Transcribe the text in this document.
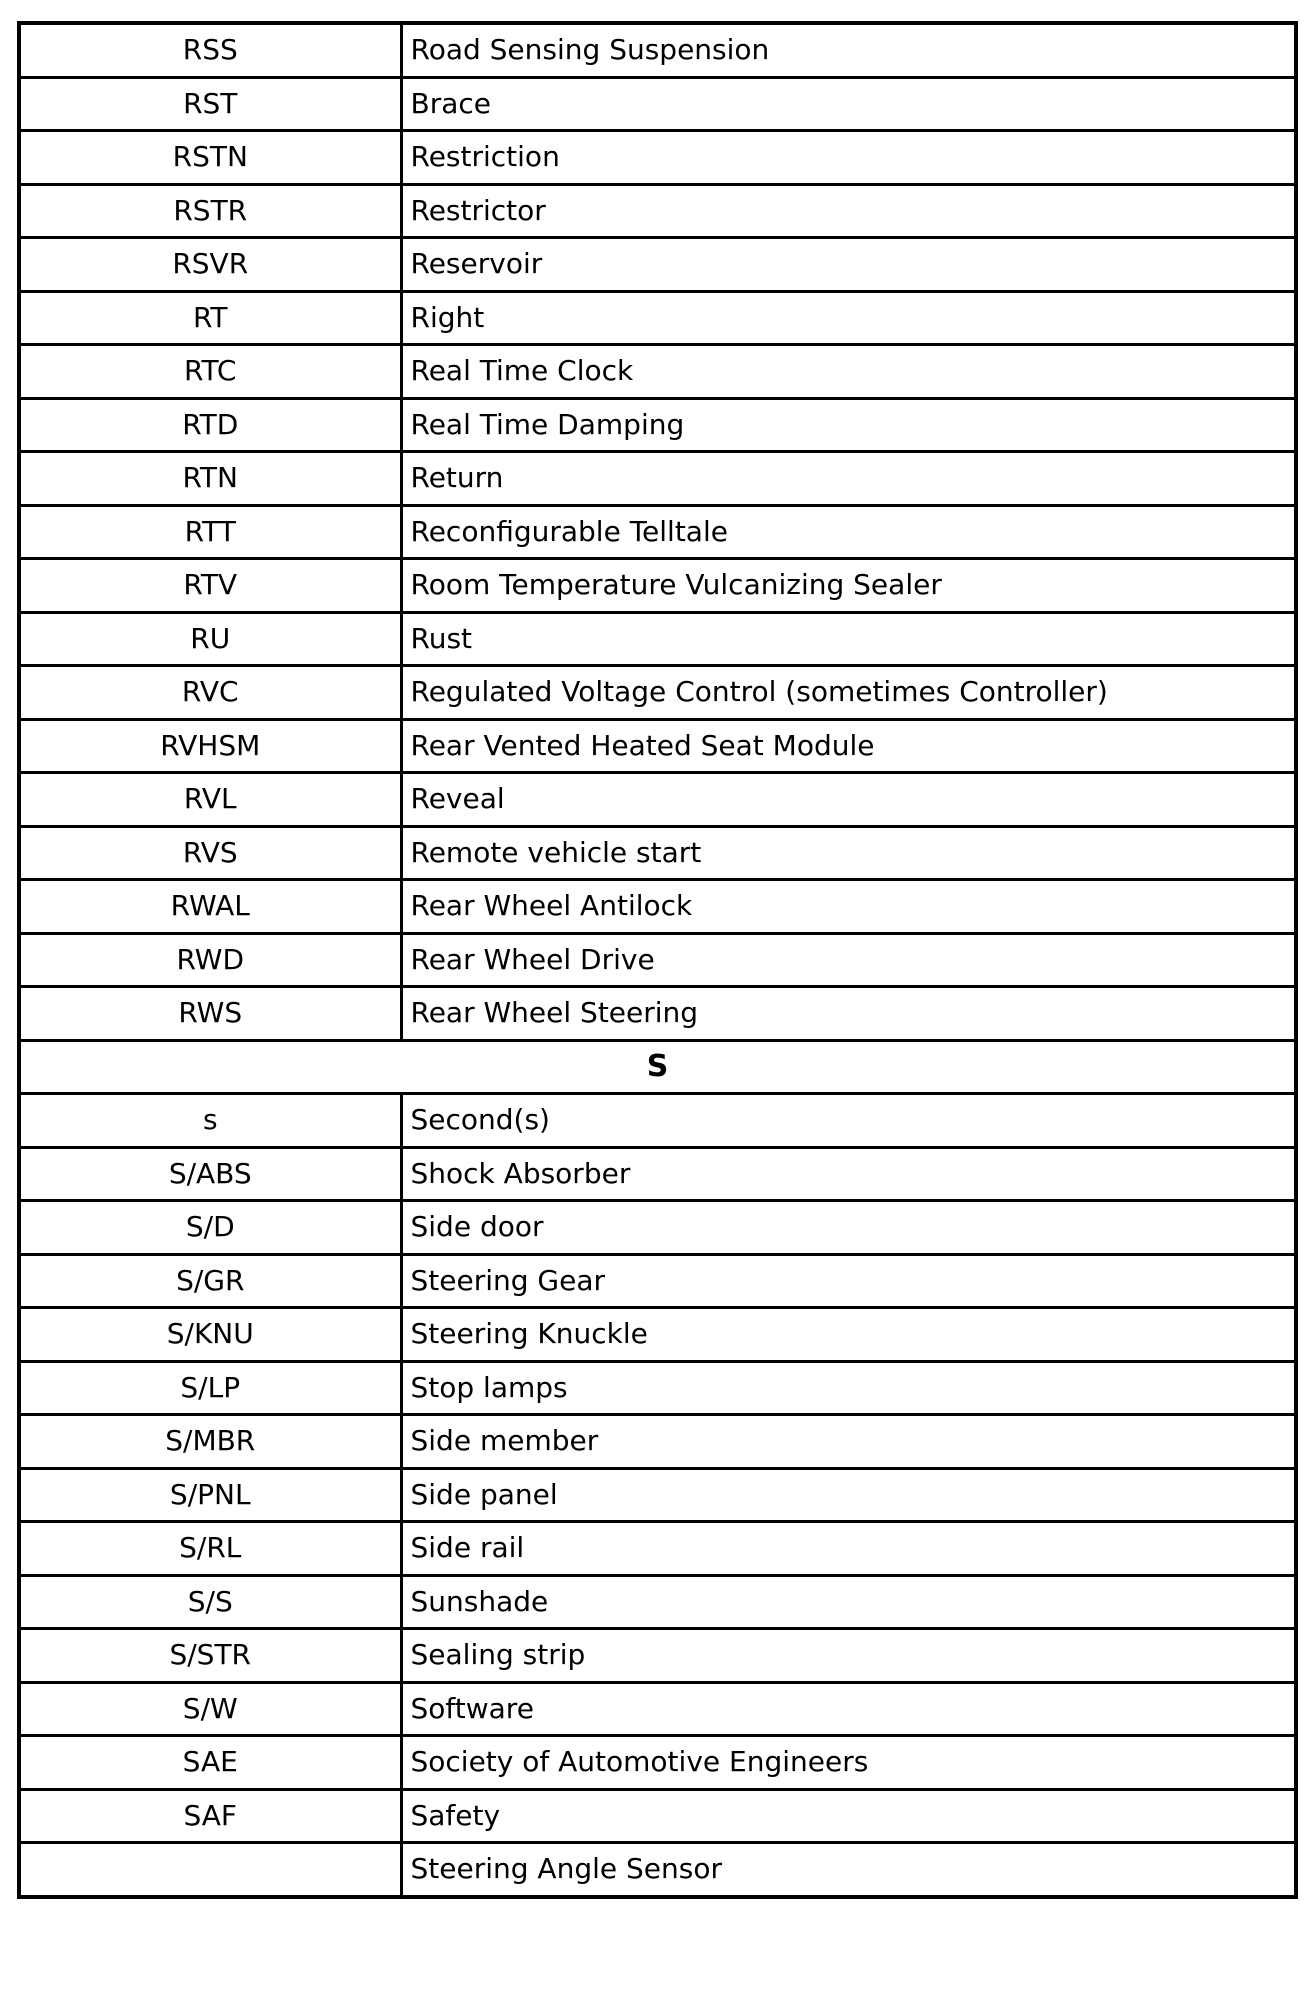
RSS	Road Sensing Suspension
RST	Brace
RSTN	Restriction
RSTR	Restrictor
RSVR	Reservoir
RT	Right
RTC	Real Time Clock
RTD	Real Time Damping
RTN	Return
RTT	Reconfigurable Telltale
RTV	Room Temperature Vulcanizing Sealer
RU	Rust
RVC	Regulated Voltage Control (sometimes Controller)
RVHSM	Rear Vented Heated Seat Module
RVL	Reveal
RVS	Remote vehicle start
RWAL	Rear Wheel Antilock
RWD	Rear Wheel Drive
RWS	Rear Wheel Steering
S	
s	Second(s)
S/ABS	Shock Absorber
S/D	Side door
S/GR	Steering Gear
S/KNU	Steering Knuckle
S/LP	Stop lamps
S/MBR	Side member
S/PNL	Side panel
S/RL	Side rail
S/S	Sunshade
S/STR	Sealing strip
S/W	Software
SAE	Society of Automotive Engineers
SAF	Safety
	Steering Angle Sensor
